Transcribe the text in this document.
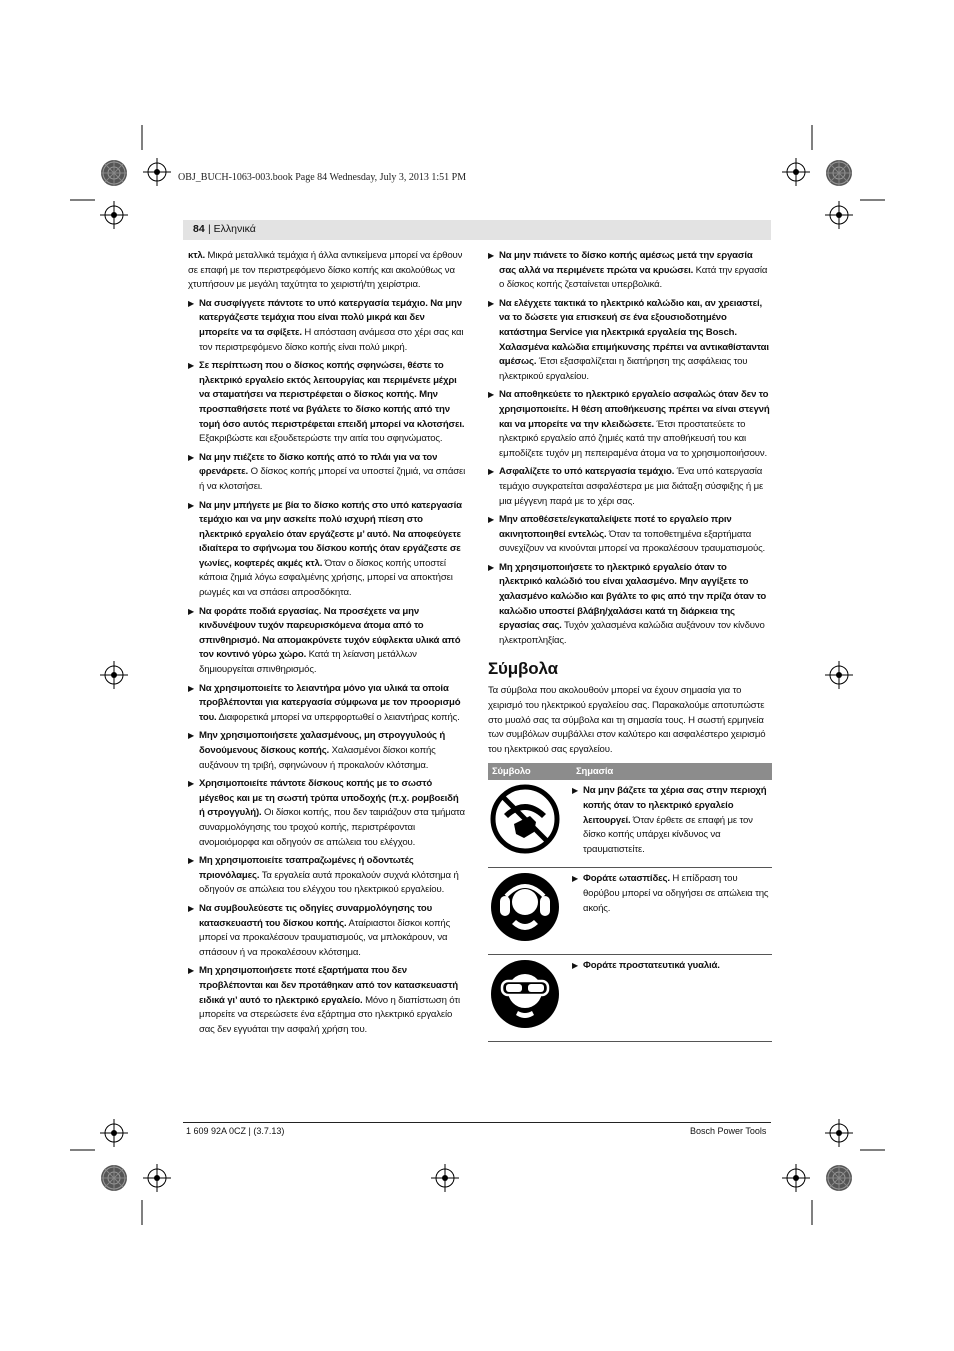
OBJ_BUCH-1063-003.book Page 84 Wednesday, July 3, 2013 1:51 PM
84 | Ελληνικά

κτλ. Μικρά μεταλλικά τεμάχια ή άλλα αντικείμενα μπορεί να έρθουν σε επαφή με τον περιστρεφόμενο δίσκο κοπής και ακολούθως να χτυπήσουν με μεγάλη ταχύτητα το χειριστή/τη χειρίστρια.

▶ Να συσφίγγετε πάντοτε το υπό κατεργασία τεμάχιο. Να μην κατεργάζεστε τεμάχια που είναι πολύ μικρά και δεν μπορείτε να τα σφίξετε. Η απόσταση ανάμεσα στο χέρι σας και τον περιστρεφόμενο δίσκο κοπής είναι πολύ μικρή.
▶ Σε περίπτωση που ο δίσκος κοπής σφηνώσει, θέστε το ηλεκτρικό εργαλείο εκτός λειτουργίας και περιμένετε μέχρι να σταματήσει να περιστρέφεται ο δίσκος κοπής. Μην προσπαθήσετε ποτέ να βγάλετε το δίσκο κοπής από την τομή όσο αυτός περιστρέφεται επειδή μπορεί να κλοτσήσει. Εξακριβώστε και εξουδετερώστε την αιτία του σφηνώματος.
▶ Να μην πιέζετε το δίσκο κοπής από το πλάι για να τον φρενάρετε. Ο δίσκος κοπής μπορεί να υποστεί ζημιά, να σπάσει ή να κλοτσήσει.
▶ Να μην μπήγετε με βία το δίσκο κοπής στο υπό κατεργασία τεμάχιο και να μην ασκείτε πολύ ισχυρή πίεση στο ηλεκτρικό εργαλείο όταν εργάζεστε μ’ αυτό. Να αποφεύγετε ιδιαίτερα το σφήνωμα του δίσκου κοπής όταν εργάζεστε σε γωνίες, κοφτερές ακμές κτλ. Όταν ο δίσκος κοπής υποστεί κάποια ζημιά λόγω εσφαλμένης χρήσης, μπορεί να αποκτήσει ρωγμές και να σπάσει απροσδόκητα.
▶ Να φοράτε ποδιά εργασίας. Να προσέχετε να μην κινδυνέψουν τυχόν παρευρισκόμενα άτομα από το σπινθηρισμό. Να απομακρύνετε τυχόν εύφλεκτα υλικά από τον κοντινό γύρω χώρο. Κατά τη λείανση μετάλλων δημιουργείται σπινθηρισμός.
▶ Να χρησιμοποιείτε το λειαντήρα μόνο για υλικά τα οποία προβλέπονται για κατεργασία σύμφωνα με τον προορισμό του. Διαφορετικά μπορεί να υπερφορτωθεί ο λειαντήρας κοπής.
▶ Μην χρησιμοποιήσετε χαλασμένους, μη στρογγυλούς ή δονούμενους δίσκους κοπής. Χαλασμένοι δίσκοι κοπής αυξάνουν τη τριβή, σφηνώνουν ή προκαλούν κλότσημα.
▶ Χρησιμοποιείτε πάντοτε δίσκους κοπής με το σωστό μέγεθος και με τη σωστή τρύπα υποδοχής (π.χ. ρομβοειδή ή στρογγυλή). Οι δίσκοι κοπής, που δεν ταιριάζουν στα τμήματα συναρμολόγησης του τροχού κοπής, περιστρέφονται ανομοιόμορφα και οδηγούν σε απώλεια του ελέγχου.
▶ Μη χρησιμοποιείτε τσαπραζωμένες ή οδοντωτές πριονόλαμες. Τα εργαλεία αυτά προκαλούν συχνά κλότσημα ή οδηγούν σε απώλεια του ελέγχου του ηλεκτρικού εργαλείου.
▶ Να συμβουλεύεστε τις οδηγίες συναρμολόγησης του κατασκευαστή του δίσκου κοπής. Αταίριαστοι δίσκοι κοπής μπορεί να προκαλέσουν τραυματισμούς, να μπλοκάρουν, να σπάσουν ή να προκαλέσουν κλότσημα.
▶ Μη χρησιμοποιήσετε ποτέ εξαρτήματα που δεν προβλέπονται και δεν προτάθηκαν από τον κατασκευαστή ειδικά γι’ αυτό το ηλεκτρικό εργαλείο. Μόνο η διαπίστωση ότι μπορείτε να στερεώσετε ένα εξάρτημα στο ηλεκτρικό εργαλείο σας δεν εγγυάται την ασφαλή χρήση του.
▶ Να μην πιάνετε το δίσκο κοπής αμέσως μετά την εργασία σας αλλά να περιμένετε πρώτα να κρυώσει. Κατά την εργασία ο δίσκος κοπής ζεσταίνεται υπερβολικά.
▶ Να ελέγχετε τακτικά το ηλεκτρικό καλώδιο και, αν χρειαστεί, να το δώσετε για επισκευή σε ένα εξουσιοδοτημένο κατάστημα Service για ηλεκτρικά εργαλεία της Bosch. Χαλασμένα καλώδια επιμήκυνσης πρέπει να αντικαθίστανται αμέσως. Έτσι εξασφαλίζεται η διατήρηση της ασφάλειας του ηλεκτρικού εργαλείου.
▶ Να αποθηκεύετε το ηλεκτρικό εργαλείο ασφαλώς όταν δεν το χρησιμοποιείτε. Η θέση αποθήκευσης πρέπει να είναι στεγνή και να μπορείτε να την κλειδώσετε. Έτσι προστατεύετε το ηλεκτρικό εργαλείο από ζημιές κατά την αποθήκευσή του και εμποδίζετε τυχόν μη πεπειραμένα άτομα να το χρησιμοποιήσουν.
▶ Ασφαλίζετε το υπό κατεργασία τεμάχιο. Ένα υπό κατεργασία τεμάχιο συγκρατείται ασφαλέστερα με μια διάταξη σύσφιξης ή με μια μέγγενη παρά με το χέρι σας.
▶ Μην αποθέσετε/εγκαταλείψετε ποτέ το εργαλείο πριν ακινητοποιηθεί εντελώς. Όταν τα τοποθετημένα εξαρτήματα συνεχίζουν να κινούνται μπορεί να προκαλέσουν τραυματισμούς.
▶ Μη χρησιμοποιήσετε το ηλεκτρικό εργαλείο όταν το ηλεκτρικό καλώδιό του είναι χαλασμένο. Μην αγγίξετε το χαλασμένο καλώδιο και βγάλτε το φις από την πρίζα όταν το καλώδιο υποστεί βλάβη/χαλάσει κατά τη διάρκεια της εργασίας σας. Τυχόν χαλασμένα καλώδια αυξάνουν τον κίνδυνο ηλεκτροπληξίας.
Σύμβολα

Τα σύμβολα που ακολουθούν μπορεί να έχουν σημασία για το χειρισμό του ηλεκτρικού εργαλείου σας. Παρακαλούμε αποτυπώστε στο μυαλό σας τα σύμβολα και τη σημασία τους. Η σωστή ερμηνεία των συμβόλων συμβάλλει στον καλύτερο και ασφαλέστερο χειρισμό του ηλεκτρικού σας εργαλείου.

Σύμβολο	Σημασία

▶ Να μην βάζετε τα χέρια σας στην περιοχή κοπής όταν το ηλεκτρικό εργαλείο λειτουργεί. Όταν έρθετε σε επαφή με τον δίσκο κοπής υπάρχει κίνδυνος να τραυματιστείτε.

▶ Φοράτε ωτασπίδες. Η επίδραση του θορύβου μπορεί να οδηγήσει σε απώλεια της ακοής.

▶ Φοράτε προστατευτικά γυαλιά.
1 609 92A 0CZ | (3.7.13)	Bosch Power Tools
